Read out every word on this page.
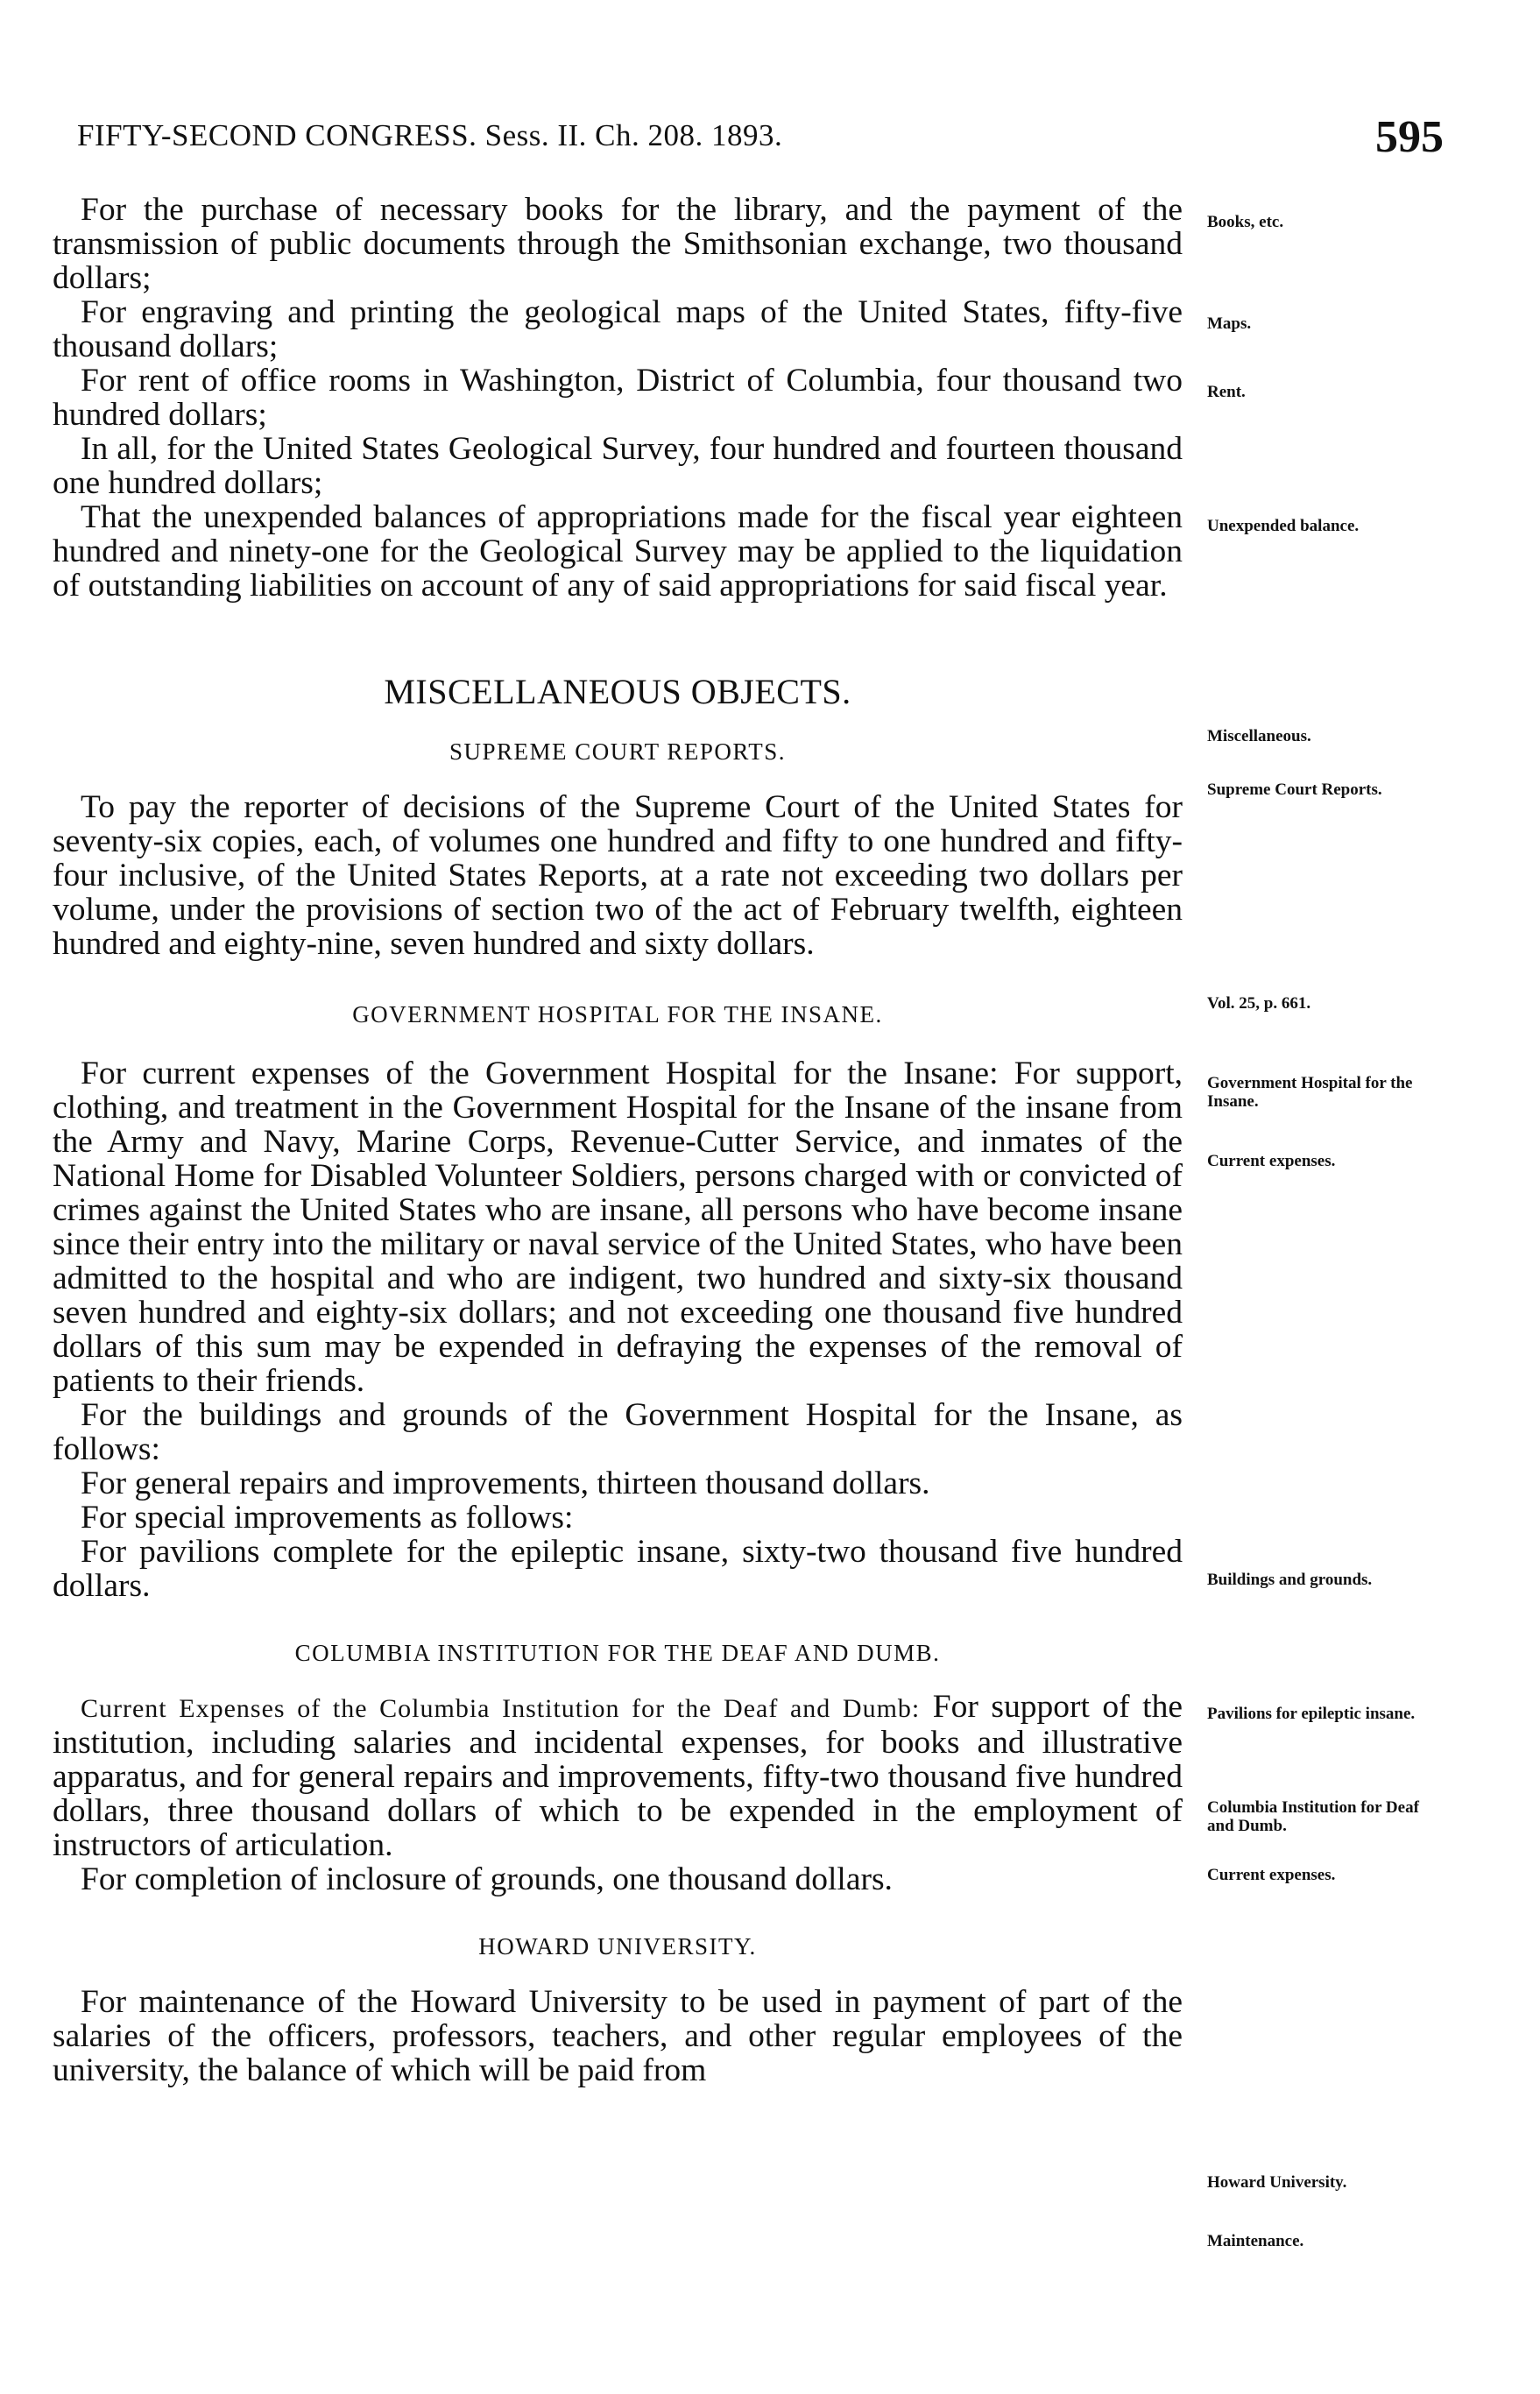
FIFTY-SECOND CONGRESS. Sess. II. Ch. 208. 1893.	595

For the purchase of necessary books for the library, and the payment of the transmission of public documents through the Smithsonian exchange, two thousand dollars;

For engraving and printing the geological maps of the United States, fifty-five thousand dollars;

For rent of office rooms in Washington, District of Columbia, four thousand two hundred dollars;

In all, for the United States Geological Survey, four hundred and fourteen thousand one hundred dollars;

That the unexpended balances of appropriations made for the fiscal year eighteen hundred and ninety-one for the Geological Survey may be applied to the liquidation of outstanding liabilities on account of any of said appropriations for said fiscal year.

MISCELLANEOUS OBJECTS.

SUPREME COURT REPORTS.

To pay the reporter of decisions of the Supreme Court of the United States for seventy-six copies, each, of volumes one hundred and fifty to one hundred and fifty-four inclusive, of the United States Reports, at a rate not exceeding two dollars per volume, under the provisions of section two of the act of February twelfth, eighteen hundred and eighty-nine, seven hundred and sixty dollars.

GOVERNMENT HOSPITAL FOR THE INSANE.

For current expenses of the Government Hospital for the Insane: For support, clothing, and treatment in the Government Hospital for the Insane of the insane from the Army and Navy, Marine Corps, Revenue-Cutter Service, and inmates of the National Home for Disabled Volunteer Soldiers, persons charged with or convicted of crimes against the United States who are insane, all persons who have become insane since their entry into the military or naval service of the United States, who have been admitted to the hospital and who are indigent, two hundred and sixty-six thousand seven hundred and eighty-six dollars; and not exceeding one thousand five hundred dollars of this sum may be expended in defraying the expenses of the removal of patients to their friends.

For the buildings and grounds of the Government Hospital for the Insane, as follows:

For general repairs and improvements, thirteen thousand dollars.

For special improvements as follows:

For pavilions complete for the epileptic insane, sixty-two thousand five hundred dollars.

COLUMBIA INSTITUTION FOR THE DEAF AND DUMB.

Current Expenses of the Columbia Institution for the Deaf and Dumb: For support of the institution, including salaries and incidental expenses, for books and illustrative apparatus, and for general repairs and improvements, fifty-two thousand five hundred dollars, three thousand dollars of which to be expended in the employment of instructors of articulation.

For completion of inclosure of grounds, one thousand dollars.

HOWARD UNIVERSITY.

For maintenance of the Howard University to be used in payment of part of the salaries of the officers, professors, teachers, and other regular employees of the university, the balance of which will be paid from

Books, etc.
Maps.
Rent.
Unexpended balance.
Miscellaneous.
Supreme Court Reports.
Vol. 25, p. 661.
Government Hospital for the Insane.
Current expenses.
Buildings and grounds.
Pavilions for epileptic insane.
Columbia Institution for Deaf and Dumb.
Current expenses.
Howard University.
Maintenance.
